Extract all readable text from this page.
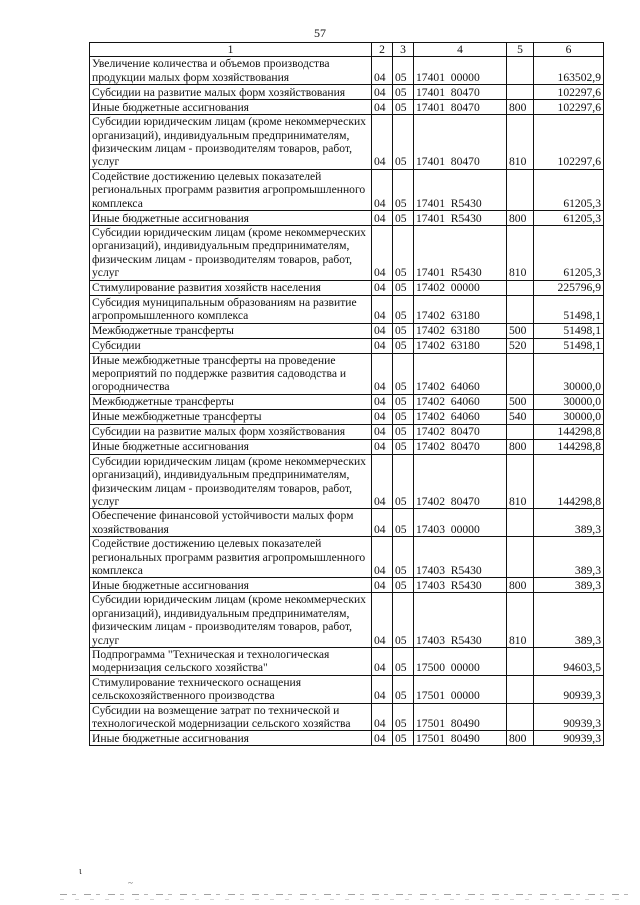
57
1	2	3	4	5	6
Увеличение количества и объемов производства продукции малых форм хозяйствования	04	05	17401  00000		163502,9
Субсидии на развитие малых форм хозяйствования	04	05	17401  80470		102297,6
Иные бюджетные ассигнования	04	05	17401  80470	800	102297,6
Субсидии юридическим лицам (кроме некоммерческих организаций), индивидуальным предпринимателям, физическим лицам - производителям товаров, работ, услуг	04	05	17401  80470	810	102297,6
Содействие достижению целевых показателей региональных программ развития агропромышленного комплекса	04	05	17401  R5430		61205,3
Иные бюджетные ассигнования	04	05	17401  R5430	800	61205,3
Субсидии юридическим лицам (кроме некоммерческих организаций), индивидуальным предпринимателям, физическим лицам - производителям товаров, работ, услуг	04	05	17401  R5430	810	61205,3
Стимулирование развития хозяйств населения	04	05	17402  00000		225796,9
Субсидия муниципальным образованиям на развитие агропромышленного комплекса	04	05	17402  63180		51498,1
Межбюджетные трансферты	04	05	17402  63180	500	51498,1
Субсидии	04	05	17402  63180	520	51498,1
Иные межбюджетные трансферты на проведение мероприятий по поддержке развития садоводства и огородничества	04	05	17402  64060		30000,0
Межбюджетные трансферты	04	05	17402  64060	500	30000,0
Иные межбюджетные трансферты	04	05	17402  64060	540	30000,0
Субсидии на развитие малых форм хозяйствования	04	05	17402  80470		144298,8
Иные бюджетные ассигнования	04	05	17402  80470	800	144298,8
Субсидии юридическим лицам (кроме некоммерческих организаций), индивидуальным предпринимателям, физическим лицам - производителям товаров, работ, услуг	04	05	17402  80470	810	144298,8
Обеспечение финансовой устойчивости малых форм хозяйствования	04	05	17403  00000		389,3
Содействие достижению целевых показателей региональных программ развития агропромышленного комплекса	04	05	17403  R5430		389,3
Иные бюджетные ассигнования	04	05	17403  R5430	800	389,3
Субсидии юридическим лицам (кроме некоммерческих организаций), индивидуальным предпринимателям, физическим лицам - производителям товаров, работ, услуг	04	05	17403  R5430	810	389,3
Подпрограмма "Техническая и технологическая модернизация сельского хозяйства"	04	05	17500  00000		94603,5
Стимулирование технического оснащения сельскохозяйственного производства	04	05	17501  00000		90939,3
Субсидии на возмещение затрат по технической и технологической модернизации сельского хозяйства	04	05	17501  80490		90939,3
Иные бюджетные ассигнования	04	05	17501  80490	800	90939,3
ι
~
